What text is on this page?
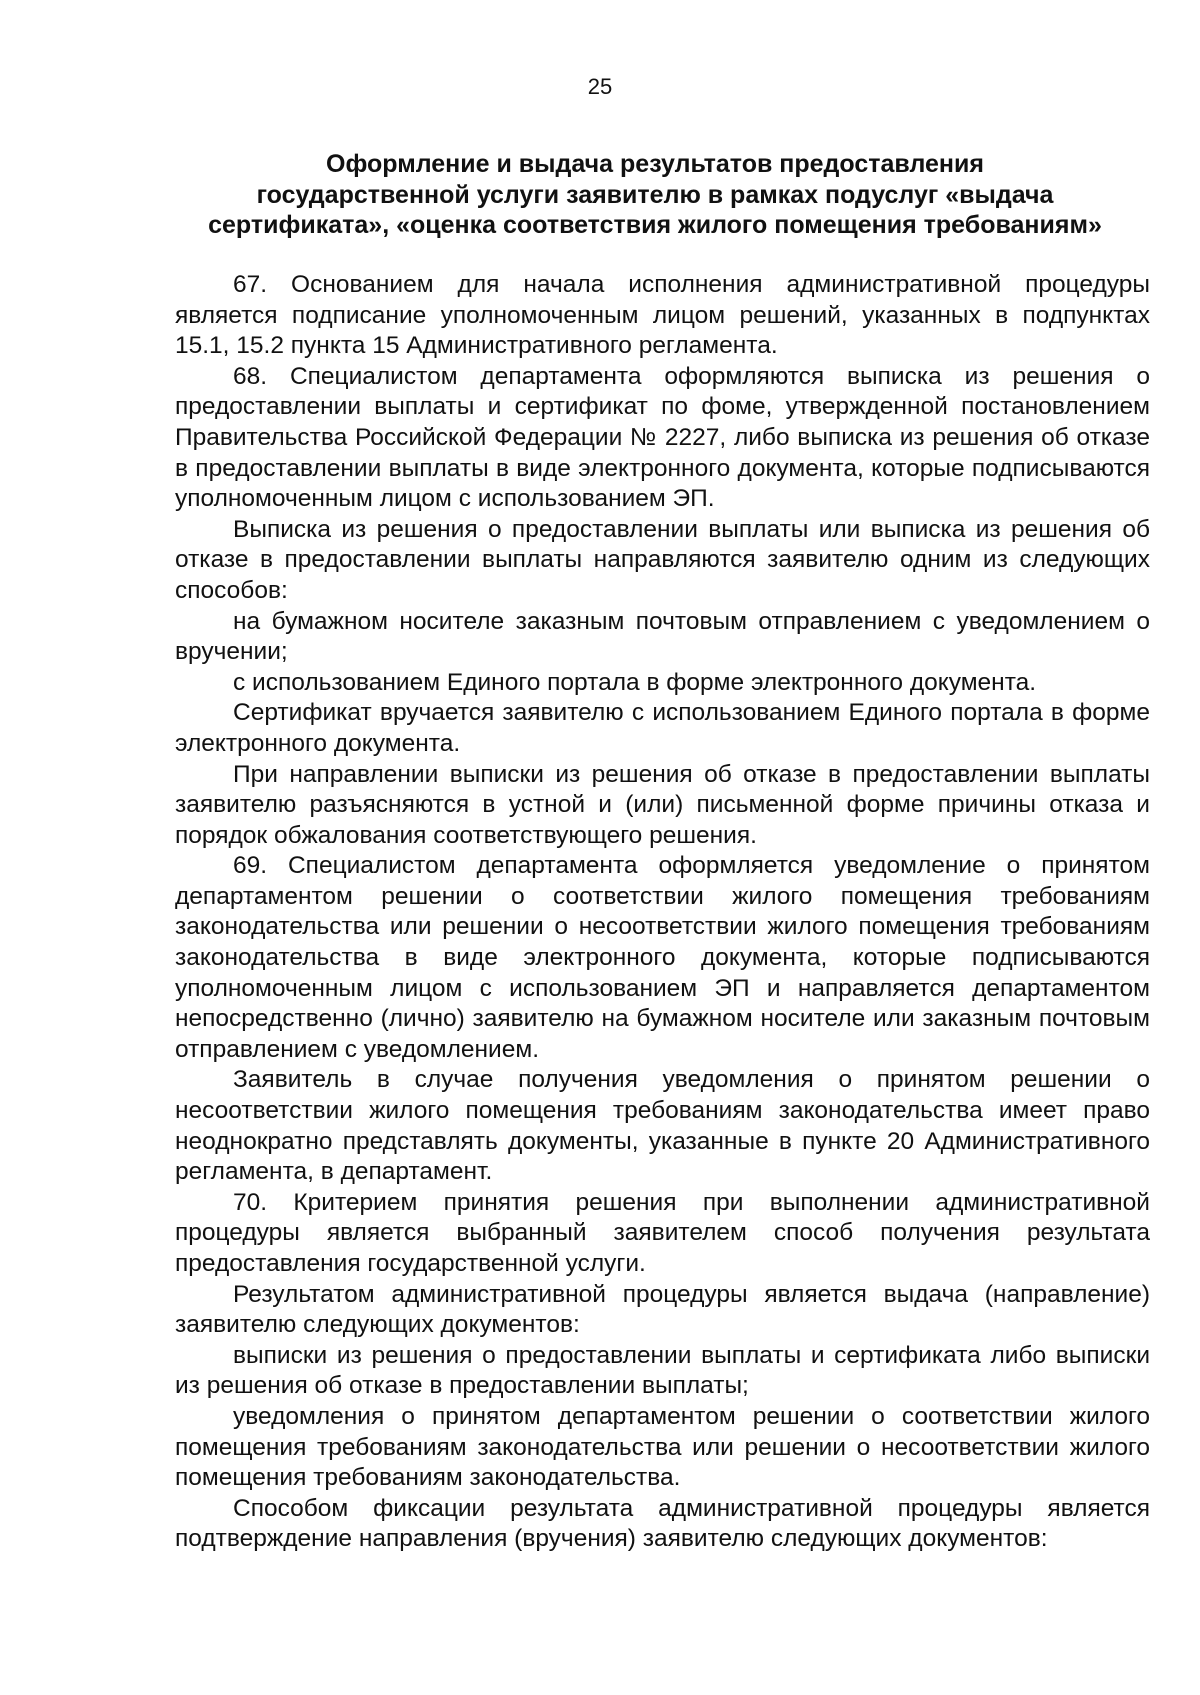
25
Оформление и выдача результатов предоставления
государственной услуги заявителю в рамках подуслуг «выдача
сертификата», «оценка соответствия жилого помещения требованиям»

67. Основанием для начала исполнения административной процедуры является подписание уполномоченным лицом решений, указанных в подпунктах 15.1, 15.2 пункта 15 Административного регламента.

68. Специалистом департамента оформляются выписка из решения о предоставлении выплаты и сертификат по фоме, утвержденной постановлением Правительства Российской Федерации № 2227, либо выписка из решения об отказе в предоставлении выплаты в виде электронного документа, которые подписываются уполномоченным лицом с использованием ЭП.

Выписка из решения о предоставлении выплаты или выписка из решения об отказе в предоставлении выплаты направляются заявителю одним из следующих способов:

на бумажном носителе заказным почтовым отправлением с уведомлением о вручении;

с использованием Единого портала в форме электронного документа.

Сертификат вручается заявителю с использованием Единого портала в форме электронного документа.

При направлении выписки из решения об отказе в предоставлении выплаты заявителю разъясняются в устной и (или) письменной форме причины отказа и порядок обжалования соответствующего решения.

69. Специалистом департамента оформляется уведомление о принятом департаментом решении о соответствии жилого помещения требованиям законодательства или решении о несоответствии жилого помещения требованиям законодательства в виде электронного документа, которые подписываются уполномоченным лицом с использованием ЭП и направляется департаментом непосредственно (лично) заявителю на бумажном носителе или заказным почтовым отправлением с уведомлением.

Заявитель в случае получения уведомления о принятом решении о несоответствии жилого помещения требованиям законодательства имеет право неоднократно представлять документы, указанные в пункте 20 Административного регламента, в департамент.

70. Критерием принятия решения при выполнении административной процедуры является выбранный заявителем способ получения результата предоставления государственной услуги.

Результатом административной процедуры является выдача (направление) заявителю следующих документов:

выписки из решения о предоставлении выплаты и сертификата либо выписки из решения об отказе в предоставлении выплаты;

уведомления о принятом департаментом решении о соответствии жилого помещения требованиям законодательства или решении о несоответствии жилого помещения требованиям законодательства.

Способом фиксации результата административной процедуры является подтверждение направления (вручения) заявителю следующих документов:
